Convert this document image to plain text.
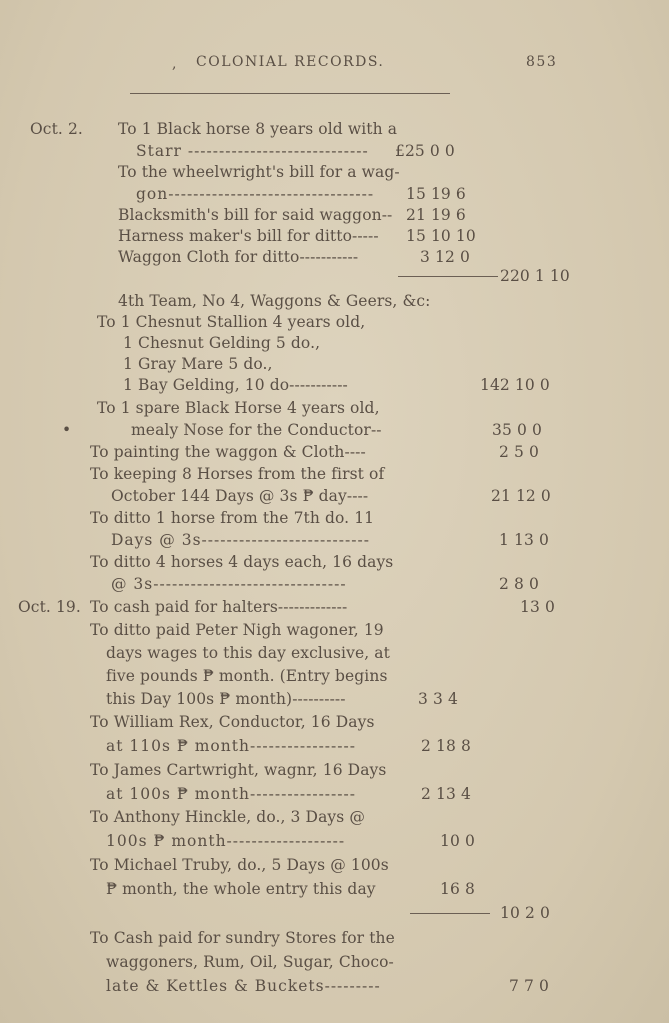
, COLONIAL RECORDS.	853
Oct. 2. To 1 Black horse 8 years old with a
Starr ----------------------------- £25 0 0
To the wheelwright's bill for a wag-
gon---------------------------------	15 19 6
Blacksmith's bill for said waggon-- 21 19 6
Harness maker's bill for ditto-----	15 10 10
Waggon Cloth for ditto-----------	3 12 0
220 1 10
4th Team, No 4, Waggons & Geers, &c:
To 1 Chesnut Stallion 4 years old,
1 Chesnut Gelding 5 do.,
1 Gray Mare 5 do.,
1 Bay Gelding, 10 do-----------	142 10 0
To 1 spare Black Horse 4 years old,
•	mealy Nose for the Conductor--	35 0 0
To painting the waggon & Cloth----	2 5 0
To keeping 8 Horses from the first of
October 144 Days @ 3s ₱ day----	21 12 0
To ditto 1 horse from the 7th do. 11
Days @ 3s---------------------------	1 13 0
To ditto 4 horses 4 days each, 16 days
@ 3s-------------------------------	2 8 0
Oct. 19. To cash paid for halters-------------	13 0
To ditto paid Peter Nigh wagoner, 19
days wages to this day exclusive, at
five pounds ₱ month. (Entry begins
this Day 100s ₱ month)----------	3 3 4
To William Rex, Conductor, 16 Days
at 110s ₱ month-----------------	2 18 8
To James Cartwright, wagnr, 16 Days
at 100s ₱ month-----------------	2 13 4
To Anthony Hinckle, do., 3 Days @
100s ₱ month-------------------	10 0
To Michael Truby, do., 5 Days @ 100s
₱ month, the whole entry this day	16 8
10 2 0
To Cash paid for sundry Stores for the
waggoners, Rum, Oil, Sugar, Choco-
late & Kettles & Buckets---------	7 7 0
